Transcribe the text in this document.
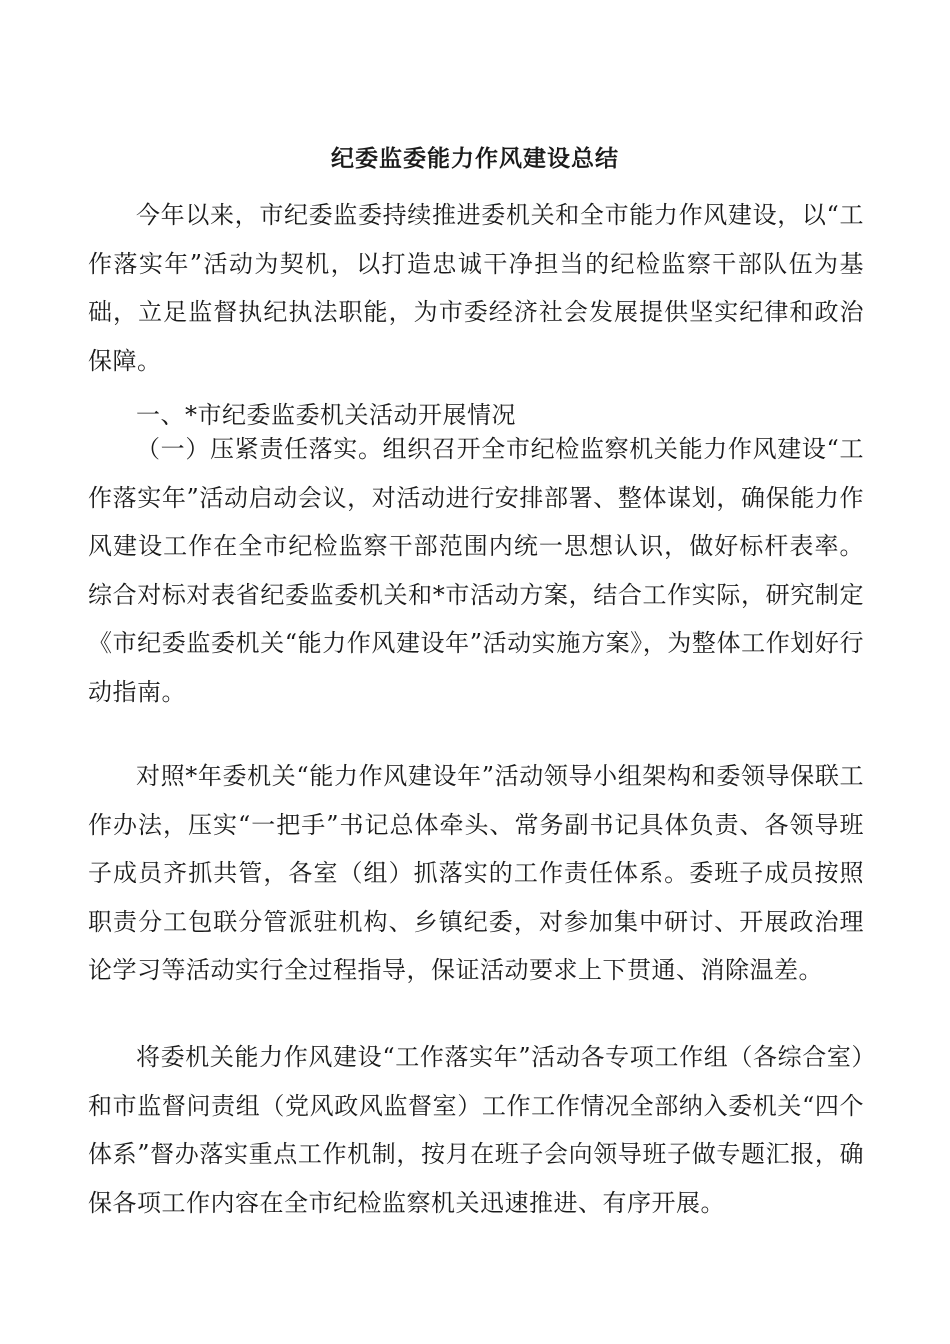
纪委监委能力作风建设总结
今年以来，市纪委监委持续推进委机关和全市能力作风建设，以“工作落实年”活动为契机，以打造忠诚干净担当的纪检监察干部队伍为基础，立足监督执纪执法职能，为市委经济社会发展提供坚实纪律和政治保障。
一、*市纪委监委机关活动开展情况
（一）压紧责任落实。组织召开全市纪检监察机关能力作风建设“工作落实年”活动启动会议，对活动进行安排部署、整体谋划，确保能力作风建设工作在全市纪检监察干部范围内统一思想认识，做好标杆表率。综合对标对表省纪委监委机关和*市活动方案，结合工作实际，研究制定《市纪委监委机关“能力作风建设年”活动实施方案》，为整体工作划好行动指南。
对照*年委机关“能力作风建设年”活动领导小组架构和委领导保联工作办法，压实“一把手”书记总体牵头、常务副书记具体负责、各领导班子成员齐抓共管，各室（组）抓落实的工作责任体系。委班子成员按照职责分工包联分管派驻机构、乡镇纪委，对参加集中研讨、开展政治理论学习等活动实行全过程指导，保证活动要求上下贯通、消除温差。
将委机关能力作风建设“工作落实年”活动各专项工作组（各综合室）和市监督问责组（党风政风监督室）工作工作情况全部纳入委机关“四个体系”督办落实重点工作机制，按月在班子会向领导班子做专题汇报，确保各项工作内容在全市纪检监察机关迅速推进、有序开展。
